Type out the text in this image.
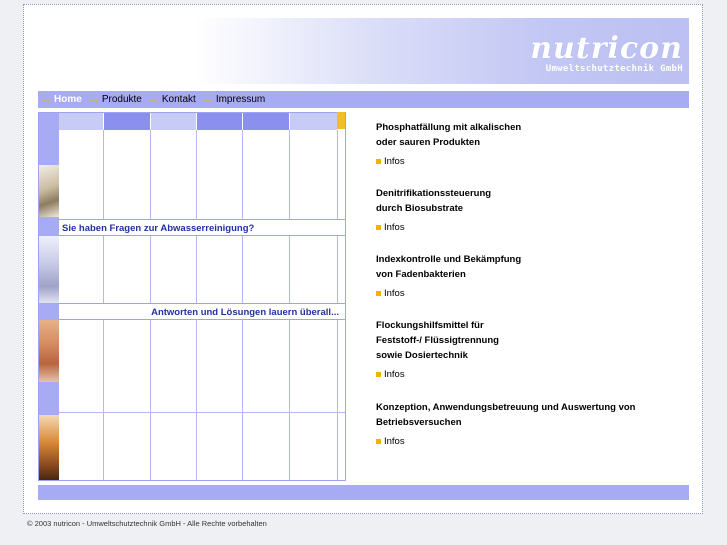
nutricon
Umweltschutztechnik GmbH
–› Home –› Produkte –› Kontakt –› Impressum
Sie haben Fragen zur Abwasserreinigung?
Antworten und Lösungen lauern überall...
Phosphatfällung mit alkalischen
oder sauren Produkten
Infos
Denitrifikationssteuerung
durch Biosubstrate
Infos
Indexkontrolle und Bekämpfung
von Fadenbakterien
Infos
Flockungshilfsmittel für
Feststoff-/ Flüssigtrennung
sowie Dosiertechnik
Infos
Konzeption, Anwendungsbetreuung und Auswertung von
Betriebsversuchen
Infos
© 2003 nutricon - Umweltschutztechnik GmbH - Alle Rechte vorbehalten
